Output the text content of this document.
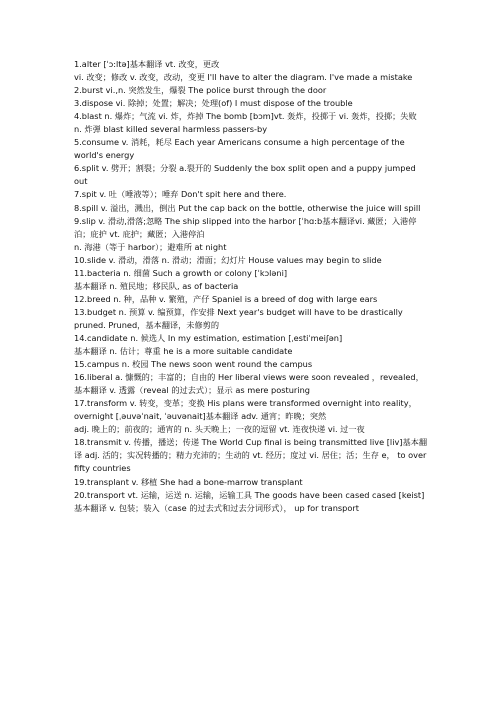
1.alter [ˈɔ:ltə]基本翻译 vt. 改变，更改

vi. 改变；修改 v. 改变，改动，变更 I'll have to alter the diagram. I've made a mistake

2.burst vi.,n. 突然发生，爆裂 The police burst through the door

3.dispose vi. 除掉；处置；解决；处理(of) I must dispose of the trouble

4.blast n. 爆炸；气流 vi. 炸，炸掉 The bomb [bɔm]vt. 轰炸，投掷于 vi. 轰炸，投掷；失败

n. 炸弹 blast killed several harmless passers-by

5.consume v. 消耗，耗尽 Each year Americans consume a high percentage of the world's energy

6.split v. 劈开；割裂；分裂 a.裂开的 Suddenly the box split open and a puppy jumped out

7.spit v. 吐（唾液等）；唾弃 Don't spit here and there.

8.spill v. 溢出，溅出，倒出 Put the cap back on the bottle, otherwise the juice will spill

9.slip v. 滑动,滑落;忽略 The ship slipped into the harbor [ˈhɑ:b基本翻译vi. 藏匿；入港停泊；庇护 vt. 庇护；藏匿；入港停泊

n. 海港（等于 harbor）；避难所 at night

10.slide v. 滑动，滑落 n. 滑动；滑面；幻灯片 House values may begin to slide

11.bacteria n. 细菌 Such a growth or colony [ˈkɔləni]

基本翻译 n. 殖民地；移民队, as of bacteria

12.breed n. 种，品种 v. 繁殖，产仔 Spaniel is a breed of dog with large ears

13.budget n. 预算 v. 编预算，作安排 Next year's budget will have to be drastically pruned. Pruned，基本翻译，未修剪的

14.candidate n. 候选人 In my estimation, estimation [ˌestiˈmeiʃən]

基本翻译 n. 估计；尊重 he is a more suitable candidate

15.campus n. 校园 The news soon went round the campus

16.liberal a. 慷慨的；丰富的；自由的 Her liberal views were soon revealed ，revealed，基本翻译 v. 透露（reveal 的过去式）；显示 as mere posturing

17.transform v. 转变，变革；变换 His plans were transformed overnight into reality，overnight [ˌəuvəˈnait, ˈəuvənait]基本翻译 adv. 通宵；昨晚；突然

adj. 晚上的；前夜的；通宵的 n. 头天晚上；一夜的逗留 vt. 连夜快递 vi. 过一夜

18.transmit v. 传播，播送；传递 The World Cup final is being transmitted live [liv]基本翻译 adj. 活的；实况转播的；精力充沛的；生动的 vt. 经历；度过 vi. 居住；活；生存 e， to over fifty countries

19.transplant v. 移植 She had a bone-marrow transplant

20.transport vt. 运输，运送 n. 运输，运输工具 The goods have been cased cased [keist]基本翻译 v. 包装；装入（case 的过去式和过去分词形式）， up for transport
